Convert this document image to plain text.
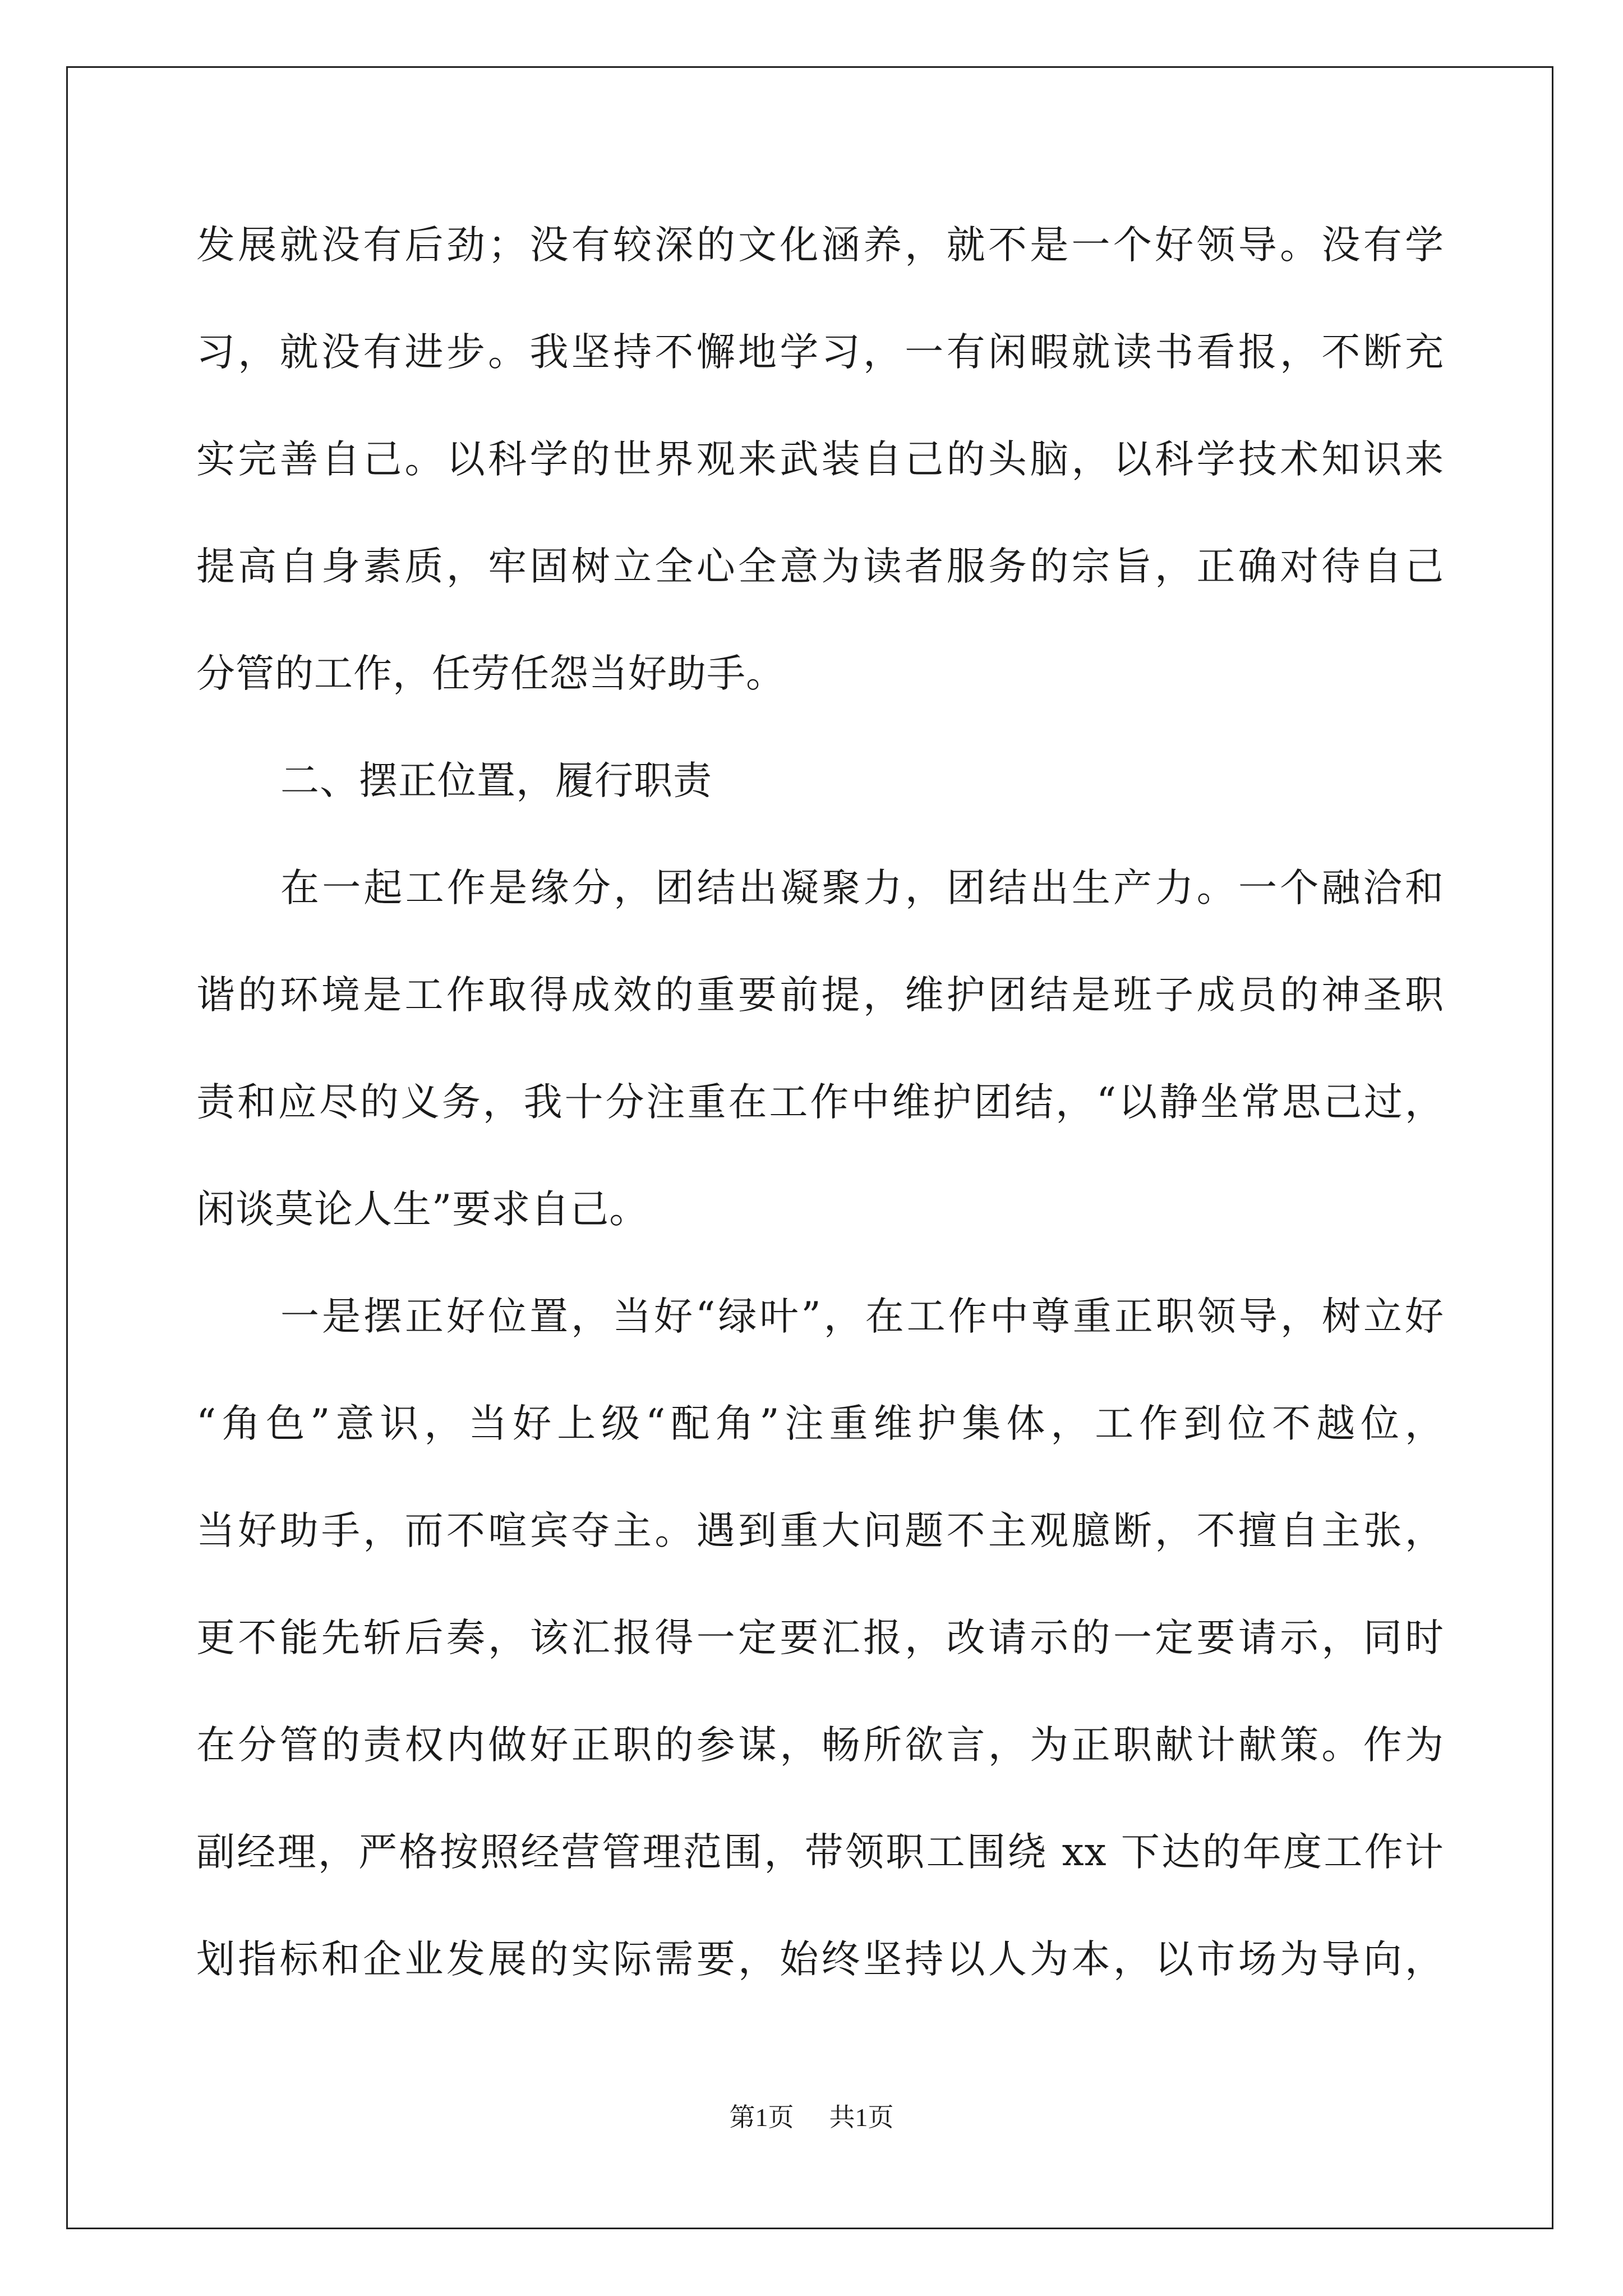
发展就没有后劲；没有较深的文化涵养，就不是一个好领导。没有学
习，就没有进步。我坚持不懈地学习，一有闲暇就读书看报，不断充
实完善自己。以科学的世界观来武装自己的头脑，以科学技术知识来
提高自身素质，牢固树立全心全意为读者服务的宗旨，正确对待自己
分管的工作，任劳任怨当好助手。
二、摆正位置，履行职责
在一起工作是缘分，团结出凝聚力，团结出生产力。一个融洽和
谐的环境是工作取得成效的重要前提，维护团结是班子成员的神圣职
责和应尽的义务，我十分注重在工作中维护团结，“以静坐常思己过，
闲谈莫论人生”要求自己。
一是摆正好位置，当好“绿叶”，在工作中尊重正职领导，树立好
“角色”意识，当好上级“配角”注重维护集体，工作到位不越位，
当好助手，而不喧宾夺主。遇到重大问题不主观臆断，不擅自主张，
更不能先斩后奏，该汇报得一定要汇报，改请示的一定要请示，同时
在分管的责权内做好正职的参谋，畅所欲言，为正职献计献策。作为
副经理，严格按照经营管理范围，带领职工围绕 xx 下达的年度工作计
划指标和企业发展的实际需要，始终坚持以人为本，以市场为导向，
第1页 共1页
